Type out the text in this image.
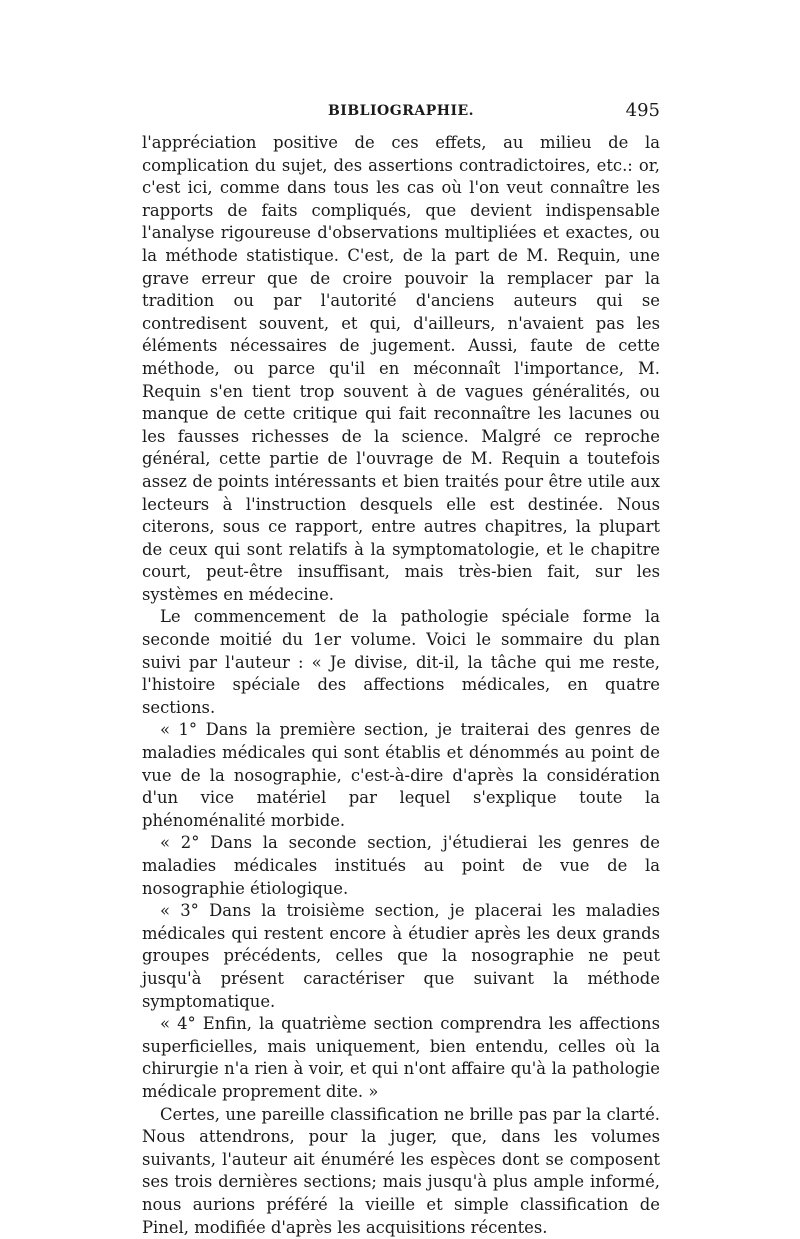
BIBLIOGRAPHIE.	495

l'appréciation positive de ces effets, au milieu de la complication du sujet, des assertions contradictoires, etc.: or, c'est ici, comme dans tous les cas où l'on veut connaître les rapports de faits compliqués, que devient indispensable l'analyse rigoureuse d'observations multipliées et exactes, ou la méthode statistique. C'est, de la part de M. Requin, une grave erreur que de croire pouvoir la remplacer par la tradition ou par l'autorité d'anciens auteurs qui se contredisent souvent, et qui, d'ailleurs, n'avaient pas les éléments nécessaires de jugement. Aussi, faute de cette méthode, ou parce qu'il en méconnaît l'importance, M. Requin s'en tient trop souvent à de vagues généralités, ou manque de cette critique qui fait reconnaître les lacunes ou les fausses richesses de la science. Malgré ce reproche général, cette partie de l'ouvrage de M. Requin a toutefois assez de points intéressants et bien traités pour être utile aux lecteurs à l'instruction desquels elle est destinée. Nous citerons, sous ce rapport, entre autres chapitres, la plupart de ceux qui sont relatifs à la symptomatologie, et le chapitre court, peut-être insuffisant, mais très-bien fait, sur les systèmes en médecine.

Le commencement de la pathologie spéciale forme la seconde moitié du 1er volume. Voici le sommaire du plan suivi par l'auteur : « Je divise, dit-il, la tâche qui me reste, l'histoire spéciale des affections médicales, en quatre sections.

« 1° Dans la première section, je traiterai des genres de maladies médicales qui sont établis et dénommés au point de vue de la nosographie, c'est-à-dire d'après la considération d'un vice matériel par lequel s'explique toute la phénoménalité morbide.

« 2° Dans la seconde section, j'étudierai les genres de maladies médicales institués au point de vue de la nosographie étiologique.

« 3° Dans la troisième section, je placerai les maladies médicales qui restent encore à étudier après les deux grands groupes précédents, celles que la nosographie ne peut jusqu'à présent caractériser que suivant la méthode symptomatique.

« 4° Enfin, la quatrième section comprendra les affections superficielles, mais uniquement, bien entendu, celles où la chirurgie n'a rien à voir, et qui n'ont affaire qu'à la pathologie médicale proprement dite. »

Certes, une pareille classification ne brille pas par la clarté. Nous attendrons, pour la juger, que, dans les volumes suivants, l'auteur ait énuméré les espèces dont se composent ses trois dernières sections; mais jusqu'à plus ample informé, nous aurions préféré la vieille et simple classification de Pinel, modifiée d'après les acquisitions récentes.
